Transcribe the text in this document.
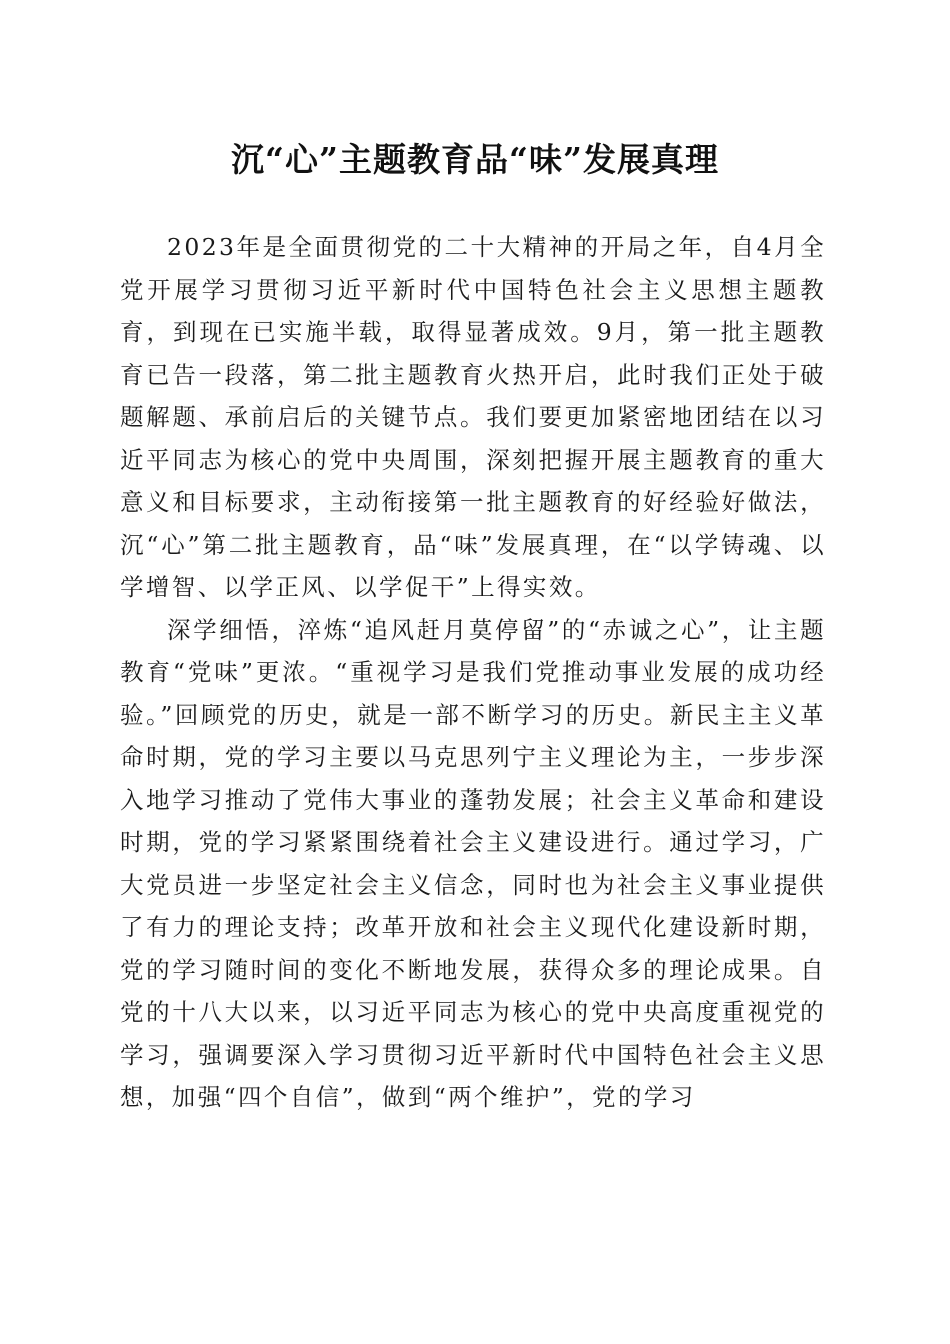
沉“心”主题教育品“味”发展真理

2023年是全面贯彻党的二十大精神的开局之年，自4月全党开展学习贯彻习近平新时代中国特色社会主义思想主题教育，到现在已实施半载，取得显著成效。9月，第一批主题教育已告一段落，第二批主题教育火热开启，此时我们正处于破题解题、承前启后的关键节点。我们要更加紧密地团结在以习近平同志为核心的党中央周围，深刻把握开展主题教育的重大意义和目标要求，主动衔接第一批主题教育的好经验好做法，沉“心”第二批主题教育，品“味”发展真理，在“以学铸魂、以学增智、以学正风、以学促干”上得实效。

深学细悟，淬炼“追风赶月莫停留”的“赤诚之心”，让主题教育“党味”更浓。“重视学习是我们党推动事业发展的成功经验。”回顾党的历史，就是一部不断学习的历史。新民主主义革命时期，党的学习主要以马克思列宁主义理论为主，一步步深入地学习推动了党伟大事业的蓬勃发展；社会主义革命和建设时期，党的学习紧紧围绕着社会主义建设进行。通过学习，广大党员进一步坚定社会主义信念，同时也为社会主义事业提供了有力的理论支持；改革开放和社会主义现代化建设新时期，党的学习随时间的变化不断地发展，获得众多的理论成果。自党的十八大以来，以习近平同志为核心的党中央高度重视党的学习，强调要深入学习贯彻习近平新时代中国特色社会主义思想，加强“四个自信”，做到“两个维护”，党的学习
